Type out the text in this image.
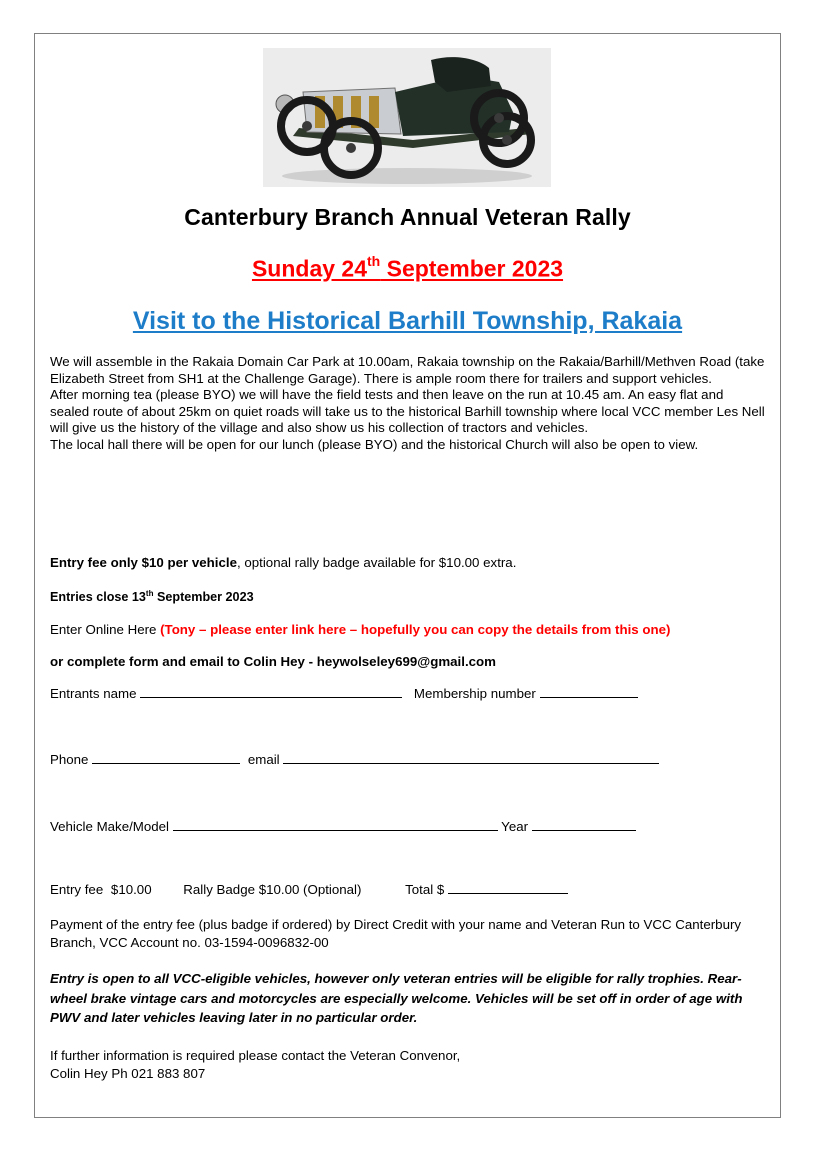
Canterbury Branch Annual Veteran Rally
Sunday 24th September 2023
Visit to the Historical Barhill Township, Rakaia

We will assemble in the Rakaia Domain Car Park at 10.00am, Rakaia township on the Rakaia/Barhill/Methven Road (take Elizabeth Street from SH1 at the Challenge Garage). There is ample room there for trailers and support vehicles.

After morning tea (please BYO) we will have the field tests and then leave on the run at 10.45 am. An easy flat and sealed route of about 25km on quiet roads will take us to the historical Barhill township where local VCC member Les Nell will give us the history of the village and also show us his collection of tractors and vehicles.

The local hall there will be open for our lunch (please BYO) and the historical Church will also be open to view.

Entry fee only $10 per vehicle, optional rally badge available for $10.00 extra.
Entries close 13th September 2023
Enter Online Here (Tony – please enter link here – hopefully you can copy the details from this one)
or complete form and email to Colin Hey - heywolseley699@gmail.com
Entrants name	Membership number
Phone	email
Vehicle Make/Model	Year
Entry fee $10.00 Rally Badge $10.00 (Optional)	Total $
Payment of the entry fee (plus badge if ordered) by Direct Credit with your name and Veteran Run to VCC Canterbury Branch, VCC Account no. 03-1594-0096832-00
Entry is open to all VCC-eligible vehicles, however only veteran entries will be eligible for rally trophies. Rear-wheel brake vintage cars and motorcycles are especially welcome. Vehicles will be set off in order of age with PWV and later vehicles leaving later in no particular order.
If further information is required please contact the Veteran Convenor,
Colin Hey Ph 021 883 807
